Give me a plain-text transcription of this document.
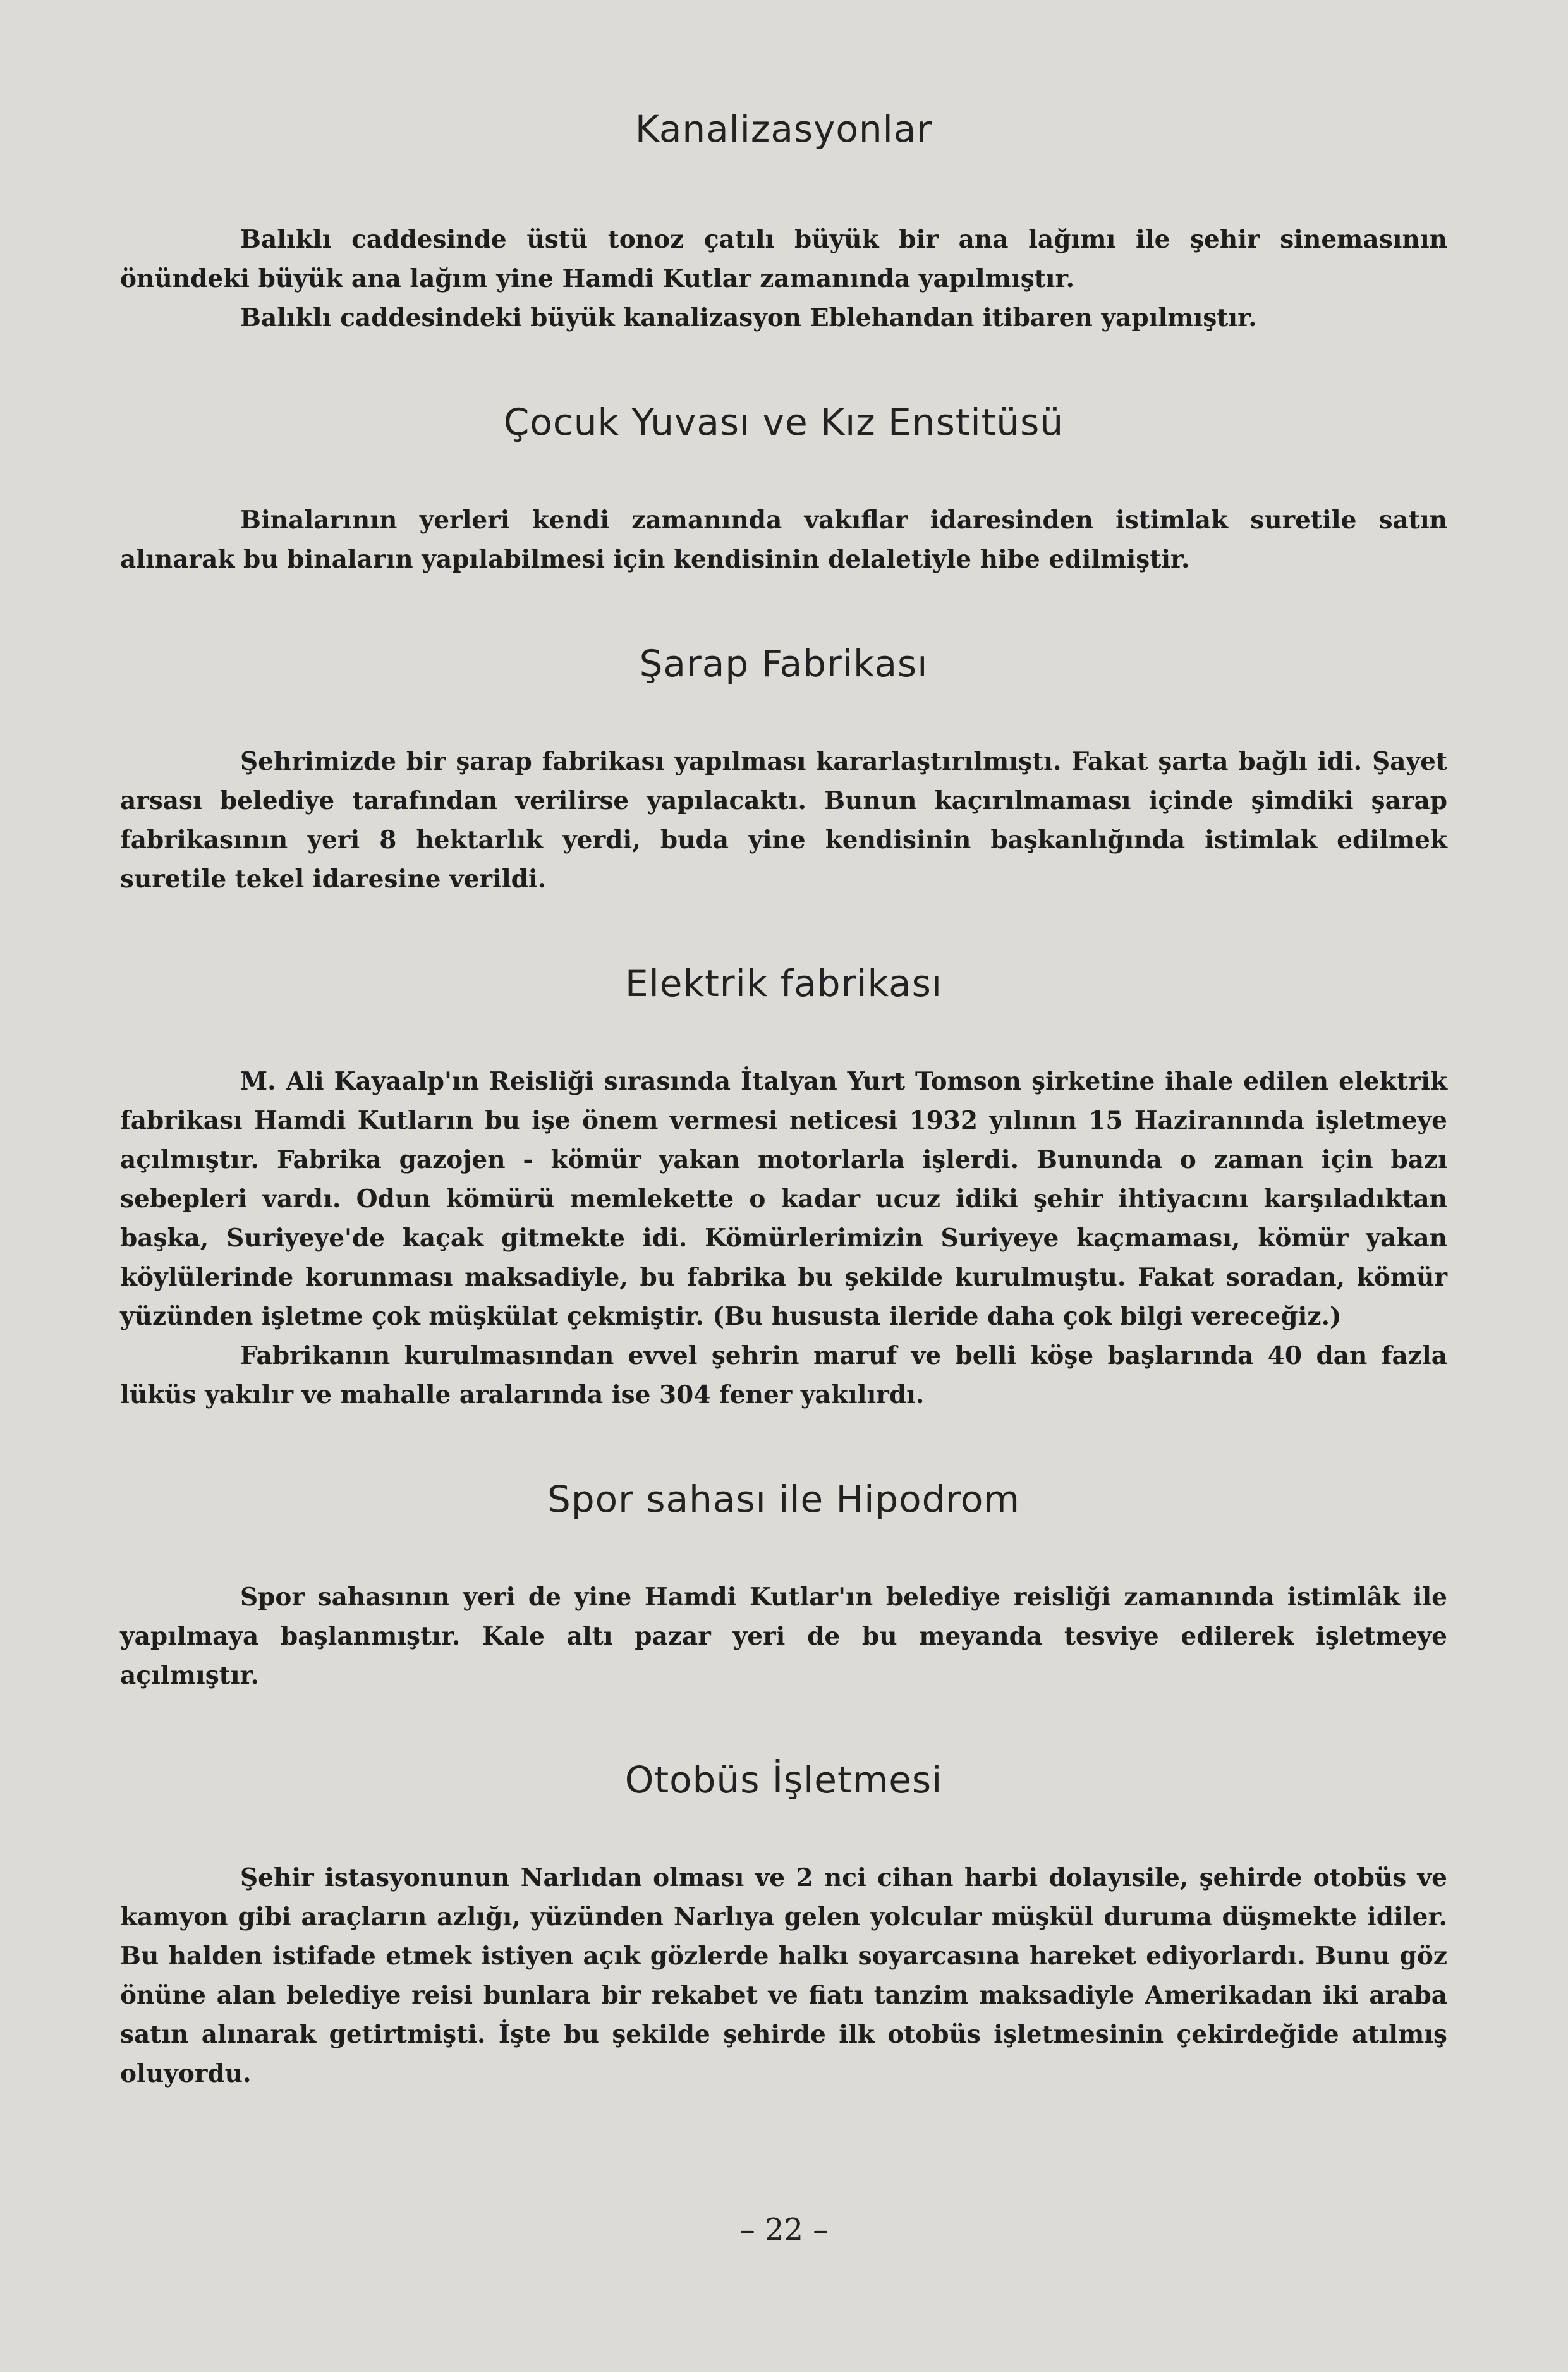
Kanalizasyonlar

Balıklı caddesinde üstü tonoz çatılı büyük bir ana lağımı ile şehir sinemasının önündeki büyük ana lağım yine Hamdi Kutlar zamanında yapılmıştır.

Balıklı caddesindeki büyük kanalizasyon Eblehandan itibaren yapılmıştır.

Çocuk Yuvası ve Kız Enstitüsü

Binalarının yerleri kendi zamanında vakıflar idaresinden istimlak suretile satın alınarak bu binaların yapılabilmesi için kendisinin delaletiyle hibe edilmiştir.

Şarap Fabrikası

Şehrimizde bir şarap fabrikası yapılması kararlaştırılmıştı. Fakat şarta bağlı idi. Şayet arsası belediye tarafından verilirse yapılacaktı. Bunun kaçırılmaması içinde şimdiki şarap fabrikasının yeri 8 hektarlık yerdi, buda yine kendisinin başkanlığında istimlak edilmek suretile tekel idaresine verildi.

Elektrik fabrikası

M. Ali Kayaalp'ın Reisliği sırasında İtalyan Yurt Tomson şirketine ihale edilen elektrik fabrikası Hamdi Kutların bu işe önem vermesi neticesi 1932 yılının 15 Haziranında işletmeye açılmıştır. Fabrika gazojen - kömür yakan motorlarla işlerdi. Bununda o zaman için bazı sebepleri vardı. Odun kömürü memlekette o kadar ucuz idiki şehir ihtiyacını karşıladıktan başka, Suriyeye'de kaçak gitmekte idi. Kömürlerimizin Suriyeye kaçmaması, kömür yakan köylülerinde korunması maksadiyle, bu fabrika bu şekilde kurulmuştu. Fakat soradan, kömür yüzünden işletme çok müşkülat çekmiştir. (Bu hususta ileride daha çok bilgi vereceğiz.)

Fabrikanın kurulmasından evvel şehrin maruf ve belli köşe başlarında 40 dan fazla lüküs yakılır ve mahalle aralarında ise 304 fener yakılırdı.

Spor sahası ile Hipodrom

Spor sahasının yeri de yine Hamdi Kutlar'ın belediye reisliği zamanında istimlâk ile yapılmaya başlanmıştır. Kale altı pazar yeri de bu meyanda tesviye edilerek işletmeye açılmıştır.

Otobüs İşletmesi

Şehir istasyonunun Narlıdan olması ve 2 nci cihan harbi dolayısile, şehirde otobüs ve kamyon gibi araçların azlığı, yüzünden Narlıya gelen yolcular müşkül duruma düşmekte idiler. Bu halden istifade etmek istiyen açık gözlerde halkı soyarcasına hareket ediyorlardı. Bunu göz önüne alan belediye reisi bunlara bir rekabet ve fiatı tanzim maksadiyle Amerikadan iki araba satın alınarak getirtmişti. İşte bu şekilde şehirde ilk otobüs işletmesinin çekirdeğide atılmış oluyordu.

– 22 –
